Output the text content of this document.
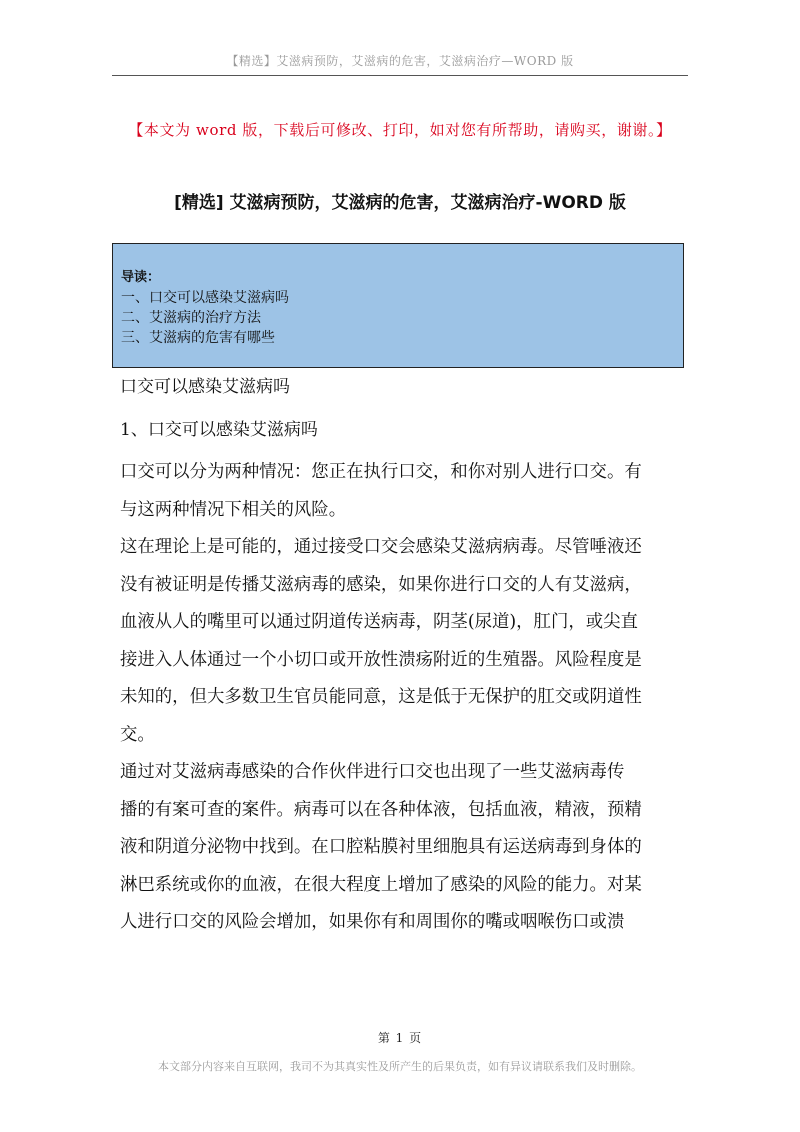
【精选】艾滋病预防，艾滋病的危害，艾滋病治疗—WORD 版
【本文为 word 版，下载后可修改、打印，如对您有所帮助，请购买，谢谢。】
[精选] 艾滋病预防，艾滋病的危害，艾滋病治疗-WORD 版
导读：
一、口交可以感染艾滋病吗
二、艾滋病的治疗方法
三、艾滋病的危害有哪些
口交可以感染艾滋病吗
1、口交可以感染艾滋病吗
口交可以分为两种情况：您正在执行口交，和你对别人进行口交。有
与这两种情况下相关的风险。
这在理论上是可能的，通过接受口交会感染艾滋病病毒。尽管唾液还
没有被证明是传播艾滋病毒的感染，如果你进行口交的人有艾滋病，
血液从人的嘴里可以通过阴道传送病毒，阴茎(尿道)，肛门，或尖直
接进入人体通过一个小切口或开放性溃疡附近的生殖器。风险程度是
未知的，但大多数卫生官员能同意，这是低于无保护的肛交或阴道性
交。
通过对艾滋病毒感染的合作伙伴进行口交也出现了一些艾滋病毒传
播的有案可查的案件。病毒可以在各种体液，包括血液，精液，预精
液和阴道分泌物中找到。在口腔粘膜衬里细胞具有运送病毒到身体的
淋巴系统或你的血液，在很大程度上增加了感染的风险的能力。对某
人进行口交的风险会增加，如果你有和周围你的嘴或咽喉伤口或溃
第 1 页
本文部分内容来自互联网，我司不为其真实性及所产生的后果负责，如有异议请联系我们及时删除。
